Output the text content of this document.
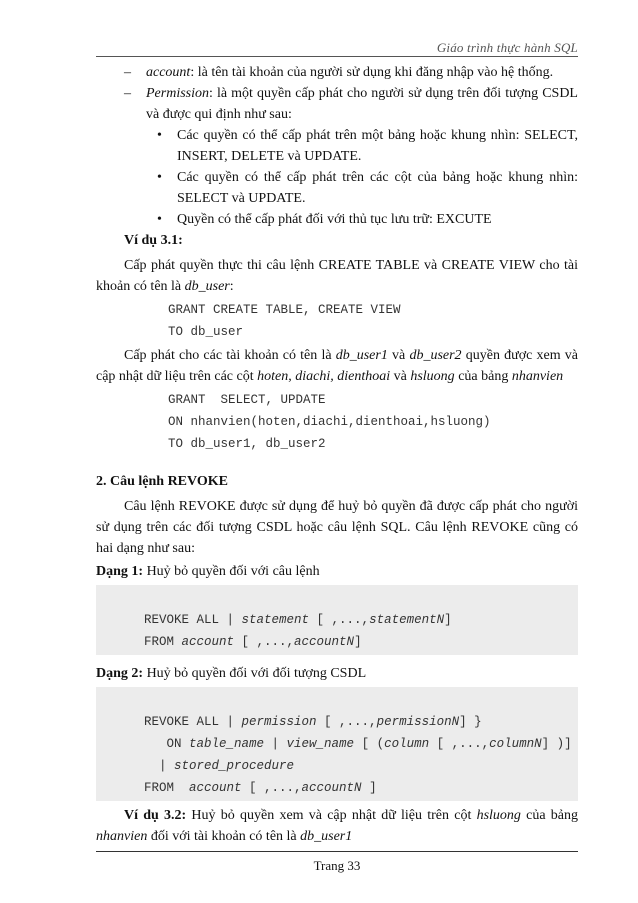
Giáo trình thực hành SQL

– account: là tên tài khoản của người sử dụng khi đăng nhập vào hệ thống.

– Permission: là một quyền cấp phát cho người sử dụng trên đối tượng CSDL và được qui định như sau:

• Các quyền có thể cấp phát trên một bảng hoặc khung nhìn: SELECT, INSERT, DELETE và UPDATE.

• Các quyền có thể cấp phát trên các cột của bảng hoặc khung nhìn: SELECT và UPDATE.

• Quyền có thể cấp phát đối với thủ tục lưu trữ: EXCUTE

Ví dụ 3.1:

Cấp phát quyền thực thi câu lệnh CREATE TABLE và CREATE VIEW cho tài khoản có tên là db_user:

GRANT CREATE TABLE, CREATE VIEW
TO db_user

Cấp phát cho các tài khoản có tên là db_user1 và db_user2 quyền được xem và cập nhật dữ liệu trên các cột hoten, diachi, dienthoai và hsluong của bảng nhanvien

GRANT  SELECT, UPDATE
ON nhanvien(hoten,diachi,dienthoai,hsluong)
TO db_user1, db_user2

2. Câu lệnh REVOKE

Câu lệnh REVOKE được sử dụng để huỷ bỏ quyền đã được cấp phát cho người sử dụng trên các đối tượng CSDL hoặc câu lệnh SQL. Câu lệnh REVOKE cũng có hai dạng như sau:

Dạng 1: Huỷ bỏ quyền đối với câu lệnh

REVOKE ALL | statement [ ,...,statementN]
FROM account [ ,...,accountN]

Dạng 2: Huỷ bỏ quyền đối với đối tượng CSDL

REVOKE ALL | permission [ ,...,permissionN] }
ON table_name | view_name [ (column [ ,...,columnN] )]
| stored_procedure
FROM  account [ ,...,accountN ]

Ví dụ 3.2: Huỷ bỏ quyền xem và cập nhật dữ liệu trên cột hsluong của bảng nhanvien đối với tài khoản có tên là db_user1

Trang 33
